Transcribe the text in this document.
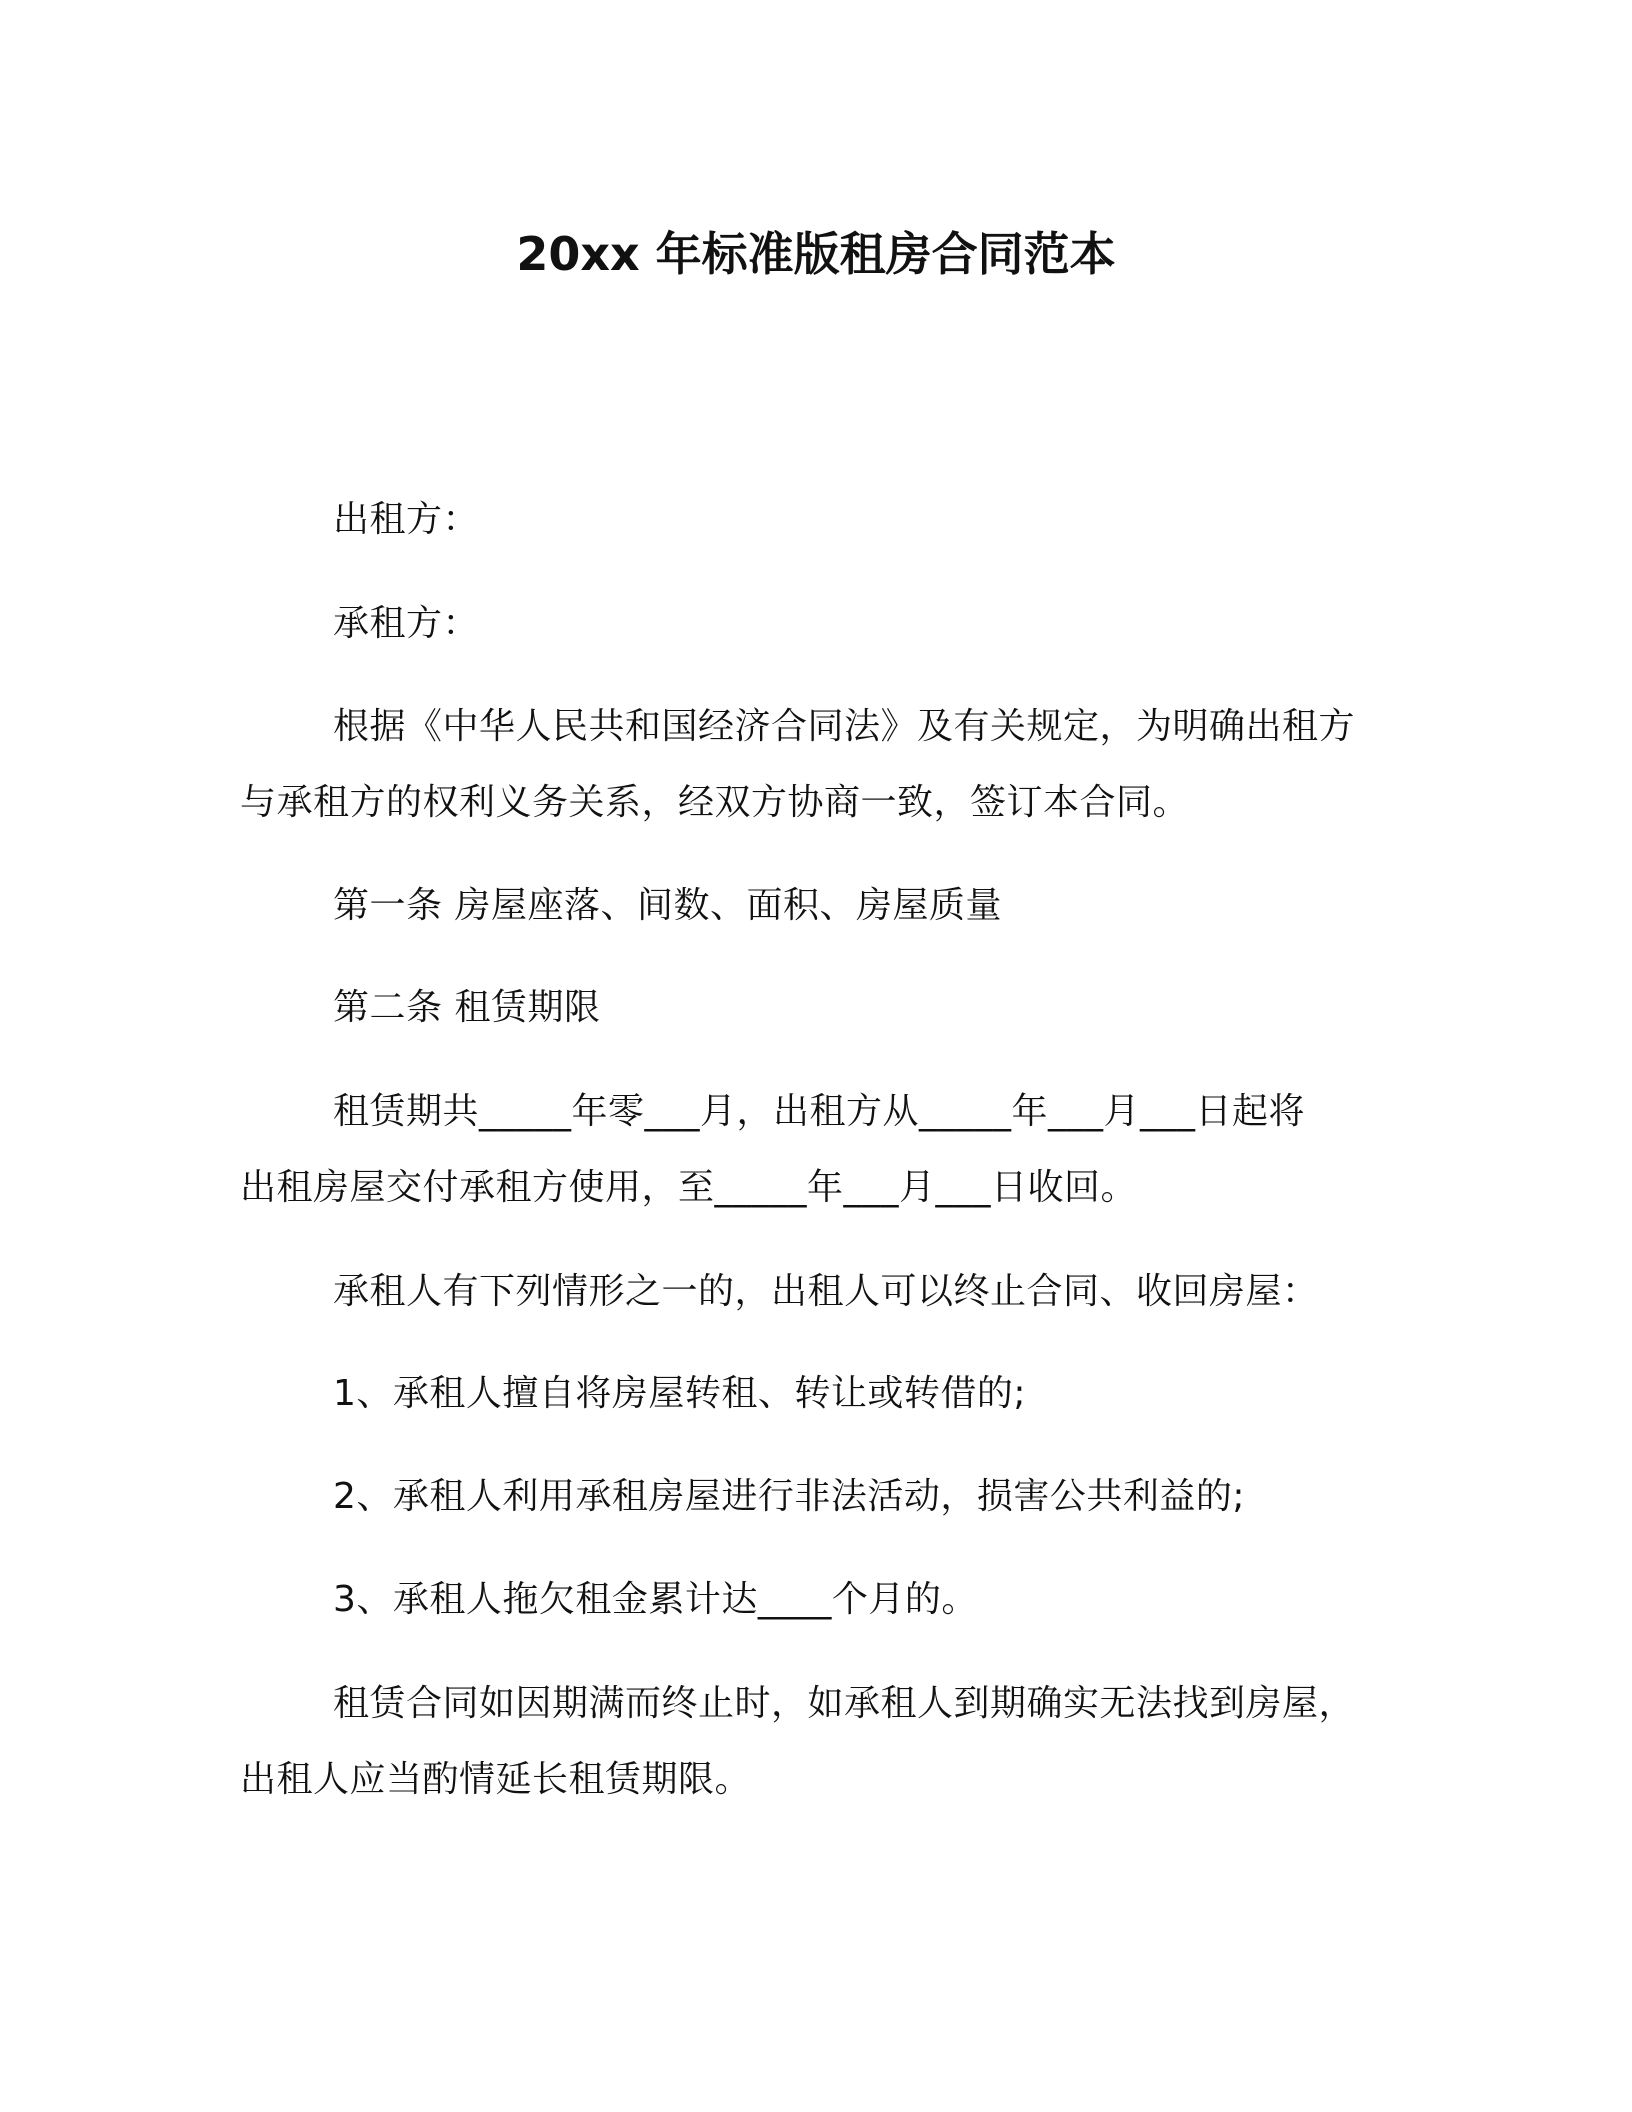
20xx 年标准版租房合同范本
出租方：
承租方：
根据《中华人民共和国经济合同法》及有关规定，为明确出租方
与承租方的权利义务关系，经双方协商一致，签订本合同。
第一条 房屋座落、间数、面积、房屋质量
第二条 租赁期限
租赁期共_____年零___月，出租方从_____年___月___日起将
出租房屋交付承租方使用，至_____年___月___日收回。
承租人有下列情形之一的，出租人可以终止合同、收回房屋：
1、承租人擅自将房屋转租、转让或转借的;
2、承租人利用承租房屋进行非法活动，损害公共利益的;
3、承租人拖欠租金累计达____个月的。
租赁合同如因期满而终止时，如承租人到期确实无法找到房屋，
出租人应当酌情延长租赁期限。
